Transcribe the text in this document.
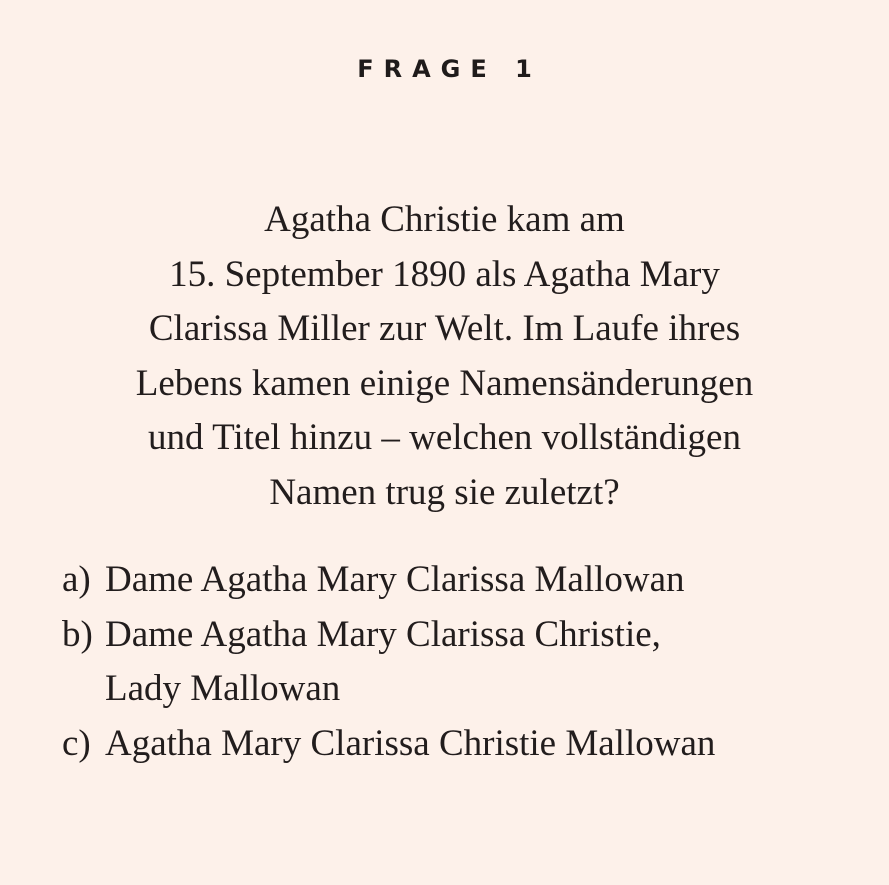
FRAGE 1
Agatha Christie kam am
15. September 1890 als Agatha Mary
Clarissa Miller zur Welt. Im Laufe ihres
Lebens kamen einige Namensänderungen
und Titel hinzu – welchen vollständigen
Namen trug sie zuletzt?
a) Dame Agatha Mary Clarissa Mallowan
b) Dame Agatha Mary Clarissa Christie,
Lady Mallowan
c) Agatha Mary Clarissa Christie Mallowan
